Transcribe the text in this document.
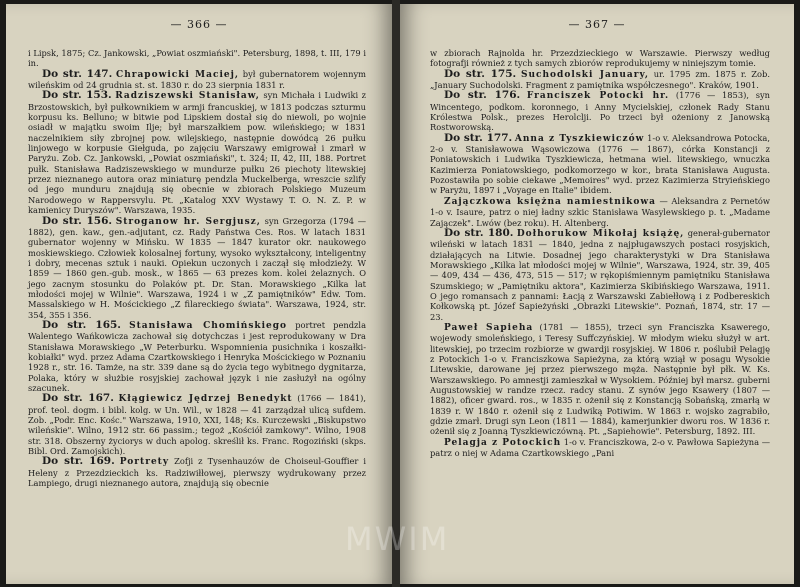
— 366 —

i Lipsk, 1875; Cz. Jankowski, „Powiat oszmiański". Petersburg, 1898, t. III, 179 i in.

Do str. 147. Chrapowicki Maciej, był gubernatorem wojennym wileńskim od 24 grudnia st. st. 1830 r. do 23 sierpnia 1831 r.

Do str. 153. Radziszewski Stanisław, syn Michała i Ludwiki z Brzostowskich, był pułkownikiem w armji francuskiej, w 1813 podczas szturmu korpusu ks. Belluno; w bitwie pod Lipskiem dostał się do niewoli, po wojnie osiadł w majątku swoim Ilje; był marszałkiem pow. wileńskiego; w 1831 naczelnikiem siły zbrojnej pow. wilejskiego, następnie dowódcą 26 pułku linjowego w korpusie Giełguda, po zajęciu Warszawy emigrował i zmarł w Paryżu. Zob. Cz. Jankowski, „Powiat oszmiański", t. 324; II, 42, III, 188. Portret pułk. Stanisława Radziszewskiego w mundurze pułku 26 piechoty litewskiej przez nieznanego autora oraz miniaturę pendzla Muckelberga, wreszcie szlify od jego munduru znajdują się obecnie w zbiorach Polskiego Muzeum Narodowego w Rappersvylu. Pt. „Katalog XXV Wystawy T. O. N. Z. P. w kamienicy Duryszów". Warszawa, 1935.

Do str. 156. Stroganow hr. Sergjusz, syn Grzegorza (1794 — 1882), gen. kaw., gen.-adjutant, cz. Rady Państwa Ces. Ros. W latach 1831 gubernator wojenny w Mińsku. W 1835 — 1847 kurator okr. naukowego moskiewskiego. Człowiek kolosalnej fortuny, wysoko wykształcony, inteligentny i dobry, mecenas sztuk i nauki. Opiekun uczonych i zaczął się młodzieży. W 1859 — 1860 gen.-gub. mosk., w 1865 — 63 prezes kom. kolei żelaznych. O jego zacnym stosunku do Polaków pt. Dr. Stan. Morawskiego „Kilka lat młodości mojej w Wilnie". Warszawa, 1924 i w „Z pamiętników" Edw. Tom. Massalskiego w H. Mościckiego „Z filareckiego świata". Warszawa, 1924, str. 354, 355 i 356.

Do str. 165. Stanisława Chomińskiego portret pendzla Walentego Wańkowicza zachował się dotychczas i jest reprodukowany w Dra Stanisława Morawskiego „W Peterburku. Wspomnienia pusichnika i koszałki-kobiałki" wyd. przez Adama Czartkowskiego i Henryka Mościckiego w Poznaniu 1928 r., str. 16. Tamże, na str. 339 dane są do życia tego wybitnego dygnitarza, Polaka, który w służbie rosyjskiej zachował język i nie zasłużył na ogólny szacunek.

Do str. 167. Kłągiewicz Jędrzej Benedykt (1766 — 1841), prof. teol. dogm. i bibl. kolg. w Un. Wil., w 1828 — 41 zarządzał ulicą sufdem. Zob. „Podr. Enc. Kośc." Warszawa, 1910, XXI, 148; Ks. Kurczewski „Biskupstwo wileńskie". Wilno, 1912 str. 66 passim.; tegoż „Kościół zamkowy". Wilno, 1908 str. 318. Obszerny życiorys w duch apolog. skreślił ks. Franc. Rogoziński (skps. Bibl. Ord. Zamojskich).

Do str. 169. Portrety Zofji z Tysenhauzów de Choiseul-Gouffier i Heleny z Przezdzieckich ks. Radziwiłłowej, pierwszy wydrukowany przez Lampiego, drugi nieznanego autora, znajdują się obecnie

— 367 —

w zbiorach Rajnolda hr. Przezdzieckiego w Warszawie. Pierwszy według fotografji również z tych samych zbiorów reprodukujemy w niniejszym tomie.

Do str. 175. Suchodolski January, ur. 1795 zm. 1875 r. Zob. „January Suchodolski. Fragment z pamiętnika współczesnego". Kraków, 1901.

Do str. 176. Franciszek Potocki hr. (1776 — 1853), syn Wincentego, podkom. koronnego, i Anny Mycielskiej, członek Rady Stanu Królestwa Polsk., prezes Herolclji. Po trzeci był ożeniony z Janowską Rostworowską.

Do str. 177. Anna z Tyszkiewiczów 1-o v. Aleksandrowa Potocka, 2-o v. Stanisławowa Wąsowiczowa (1776 — 1867), córka Konstancji z Poniatowskich i Ludwika Tyszkiewicza, hetmana wiel. litewskiego, wnuczka Kazimierza Poniatowskiego, podkomorzego w kor., brata Stanisława Augusta. Pozostawiła po sobie ciekawe „Memoires" wyd. przez Kazimierza Stryieńskiego w Paryżu, 1897 i „Voyage en Italie" ibidem.

Zajączkowa księżna namiestnikowa — Aleksandra z Pernetów 1-o v. Isaure, patrz o niej ładny szkic Stanisława Wasylewskiego p. t. „Madame Zajączek". Lwów (bez roku). H. Altenberg.

Do str. 180. Dołhorukow Mikołaj książę, generał-gubernator wileński w latach 1831 — 1840, jedna z najpługawszych postaci rosyjskich, działających na Litwie. Dosadnej jego charakterystyki w Dra Stanisława Morawskiego „Kilka lat młodości mojej w Wilnie", Warszawa, 1924, str. 39, 405 — 409, 434 — 436, 473, 515 — 517; w rękopiśmiennym pamiętniku Stanisława Szumskiego; w „Pamiętniku aktora", Kazimierza Skibińskiego Warszawa, 1911. O jego romansach z pannami: Łacją z Warszawski Zabiełłową i z Podbereskich Kołkowską pt. Józef Sapieżyński „Obrazki Litewskie". Poznań, 1874, str. 17 — 23.

Paweł Sapieha (1781 — 1855), trzeci syn Franciszka Ksawerego, wojewody smoleńskiego, i Teresy Suffczyńskiej. W młodym wieku służył w art. litewskiej, po trzecim rozbiorze w gwardji rosyjskiej. W 1806 r. poślubił Pelagję z Potockich 1-o v. Franciszkowa Sapieżyna, za którą wziął w posagu Wysokie Litewskie, darowane jej przez pierwszego męża. Następnie był płk. W. Ks. Warszawskiego. Po amnestji zamieszkał w Wysokiem. Później był marsz. guberni Augustowskiej w randze rzecz. radcy stanu. Z synów jego Ksawery (1807 — 1882), oficer gward. ros., w 1835 r. ożenił się z Konstancją Sobańską, zmarłą w 1839 r. W 1840 r. ożenił się z Ludwiką Potiwim. W 1863 r. wojsko zagrabiło, gdzie zmarł. Drugi syn Leon (1811 — 1884), kamerjunkier dworu ros. W 1836 r. ożenił się z Joanną Tyszkiewiczówną. Pt. „Sapiehowie". Petersburg, 1892. III.

Pelagja z Potockich 1-o v. Franciszkowa, 2-o v. Pawłowa Sapieżyna — patrz o niej w Adama Czartkowskiego „Pani

MWIM
